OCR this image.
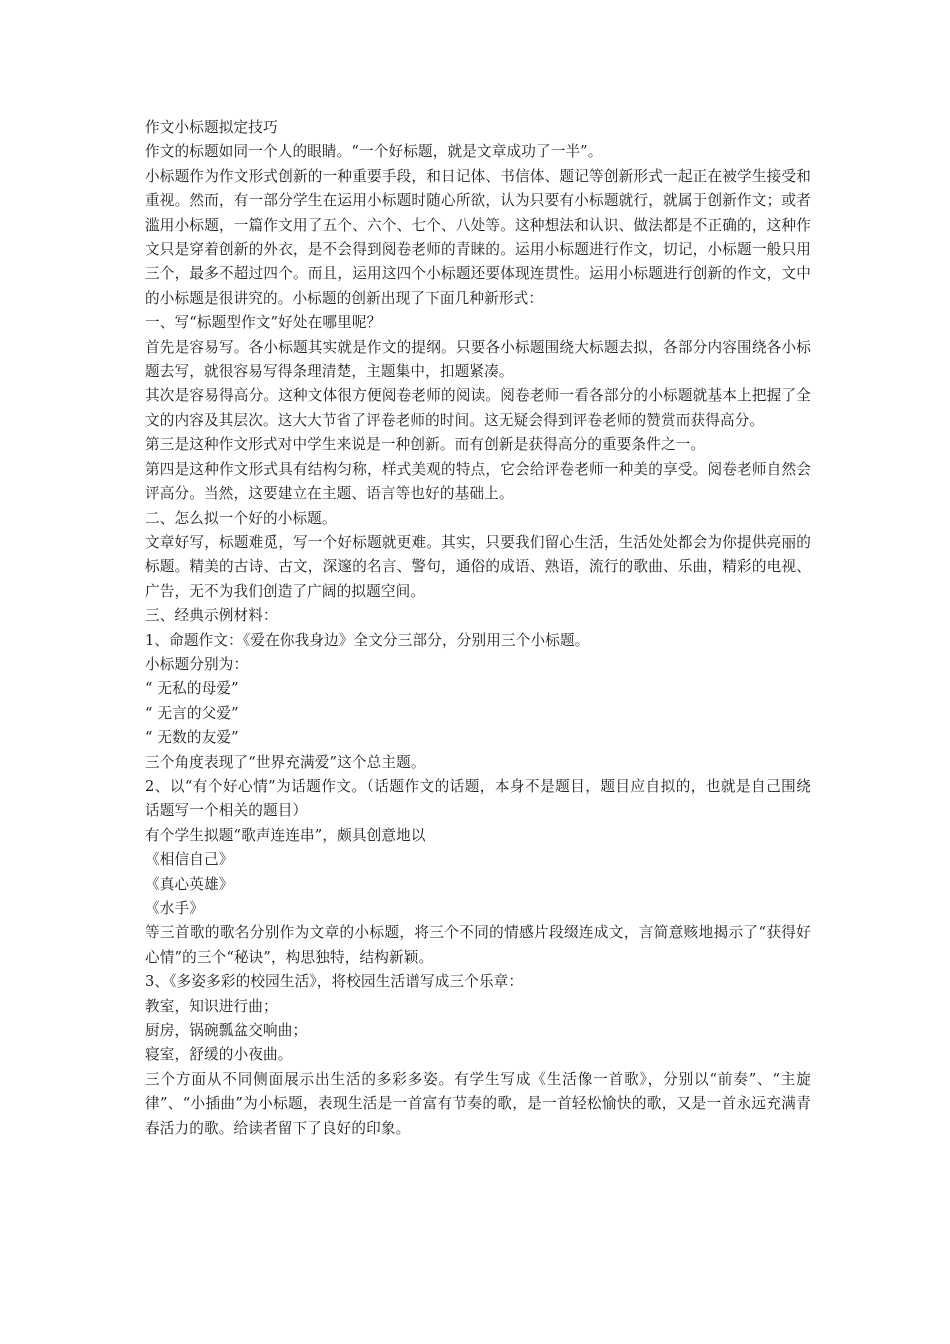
作文小标题拟定技巧

作文的标题如同一个人的眼睛。“一个好标题，就是文章成功了一半”。

小标题作为作文形式创新的一种重要手段，和日记体、书信体、题记等创新形式一起正在被学生接受和重视。然而，有一部分学生在运用小标题时随心所欲，认为只要有小标题就行，就属于创新作文；或者滥用小标题，一篇作文用了五个、六个、七个、八处等。这种想法和认识、做法都是不正确的，这种作文只是穿着创新的外衣，是不会得到阅卷老师的青睐的。运用小标题进行作文，切记，小标题一般只用三个，最多不超过四个。而且，运用这四个小标题还要体现连贯性。运用小标题进行创新的作文，文中的小标题是很讲究的。小标题的创新出现了下面几种新形式：

一、写“标题型作文”好处在哪里呢？

首先是容易写。各小标题其实就是作文的提纲。只要各小标题围绕大标题去拟，各部分内容围绕各小标题去写，就很容易写得条理清楚，主题集中，扣题紧凑。

其次是容易得高分。这种文体很方便阅卷老师的阅读。阅卷老师一看各部分的小标题就基本上把握了全文的内容及其层次。这大大节省了评卷老师的时间。这无疑会得到评卷老师的赞赏而获得高分。

第三是这种作文形式对中学生来说是一种创新。而有创新是获得高分的重要条件之一。

第四是这种作文形式具有结构匀称，样式美观的特点，它会给评卷老师一种美的享受。阅卷老师自然会评高分。当然，这要建立在主题、语言等也好的基础上。

二、怎么拟一个好的小标题。

文章好写，标题难觅，写一个好标题就更难。其实，只要我们留心生活，生活处处都会为你提供亮丽的标题。精美的古诗、古文，深邃的名言、警句，通俗的成语、熟语，流行的歌曲、乐曲，精彩的电视、广告，无不为我们创造了广阔的拟题空间。

三、经典示例材料：

1、命题作文：《爱在你我身边》全文分三部分，分别用三个小标题。

小标题分别为：

“ 无私的母爱”

“ 无言的父爱”

“ 无数的友爱”

三个角度表现了“世界充满爱”这个总主题。

2、以“有个好心情”为话题作文。（话题作文的话题，本身不是题目，题目应自拟的，也就是自己围绕话题写一个相关的题目）

有个学生拟题“歌声连连串”，颇具创意地以

《相信自己》

《真心英雄》

《水手》

等三首歌的歌名分别作为文章的小标题，将三个不同的情感片段缀连成文，言简意赅地揭示了“获得好心情”的三个“秘诀”，构思独特，结构新颖。

3、《多姿多彩的校园生活》，将校园生活谱写成三个乐章：

教室，知识进行曲；

厨房，锅碗瓢盆交响曲；

寝室，舒缓的小夜曲。

三个方面从不同侧面展示出生活的多彩多姿。有学生写成《生活像一首歌》，分别以“前奏”、“主旋律”、“小插曲”为小标题，表现生活是一首富有节奏的歌，是一首轻松愉快的歌，又是一首永远充满青春活力的歌。给读者留下了良好的印象。
